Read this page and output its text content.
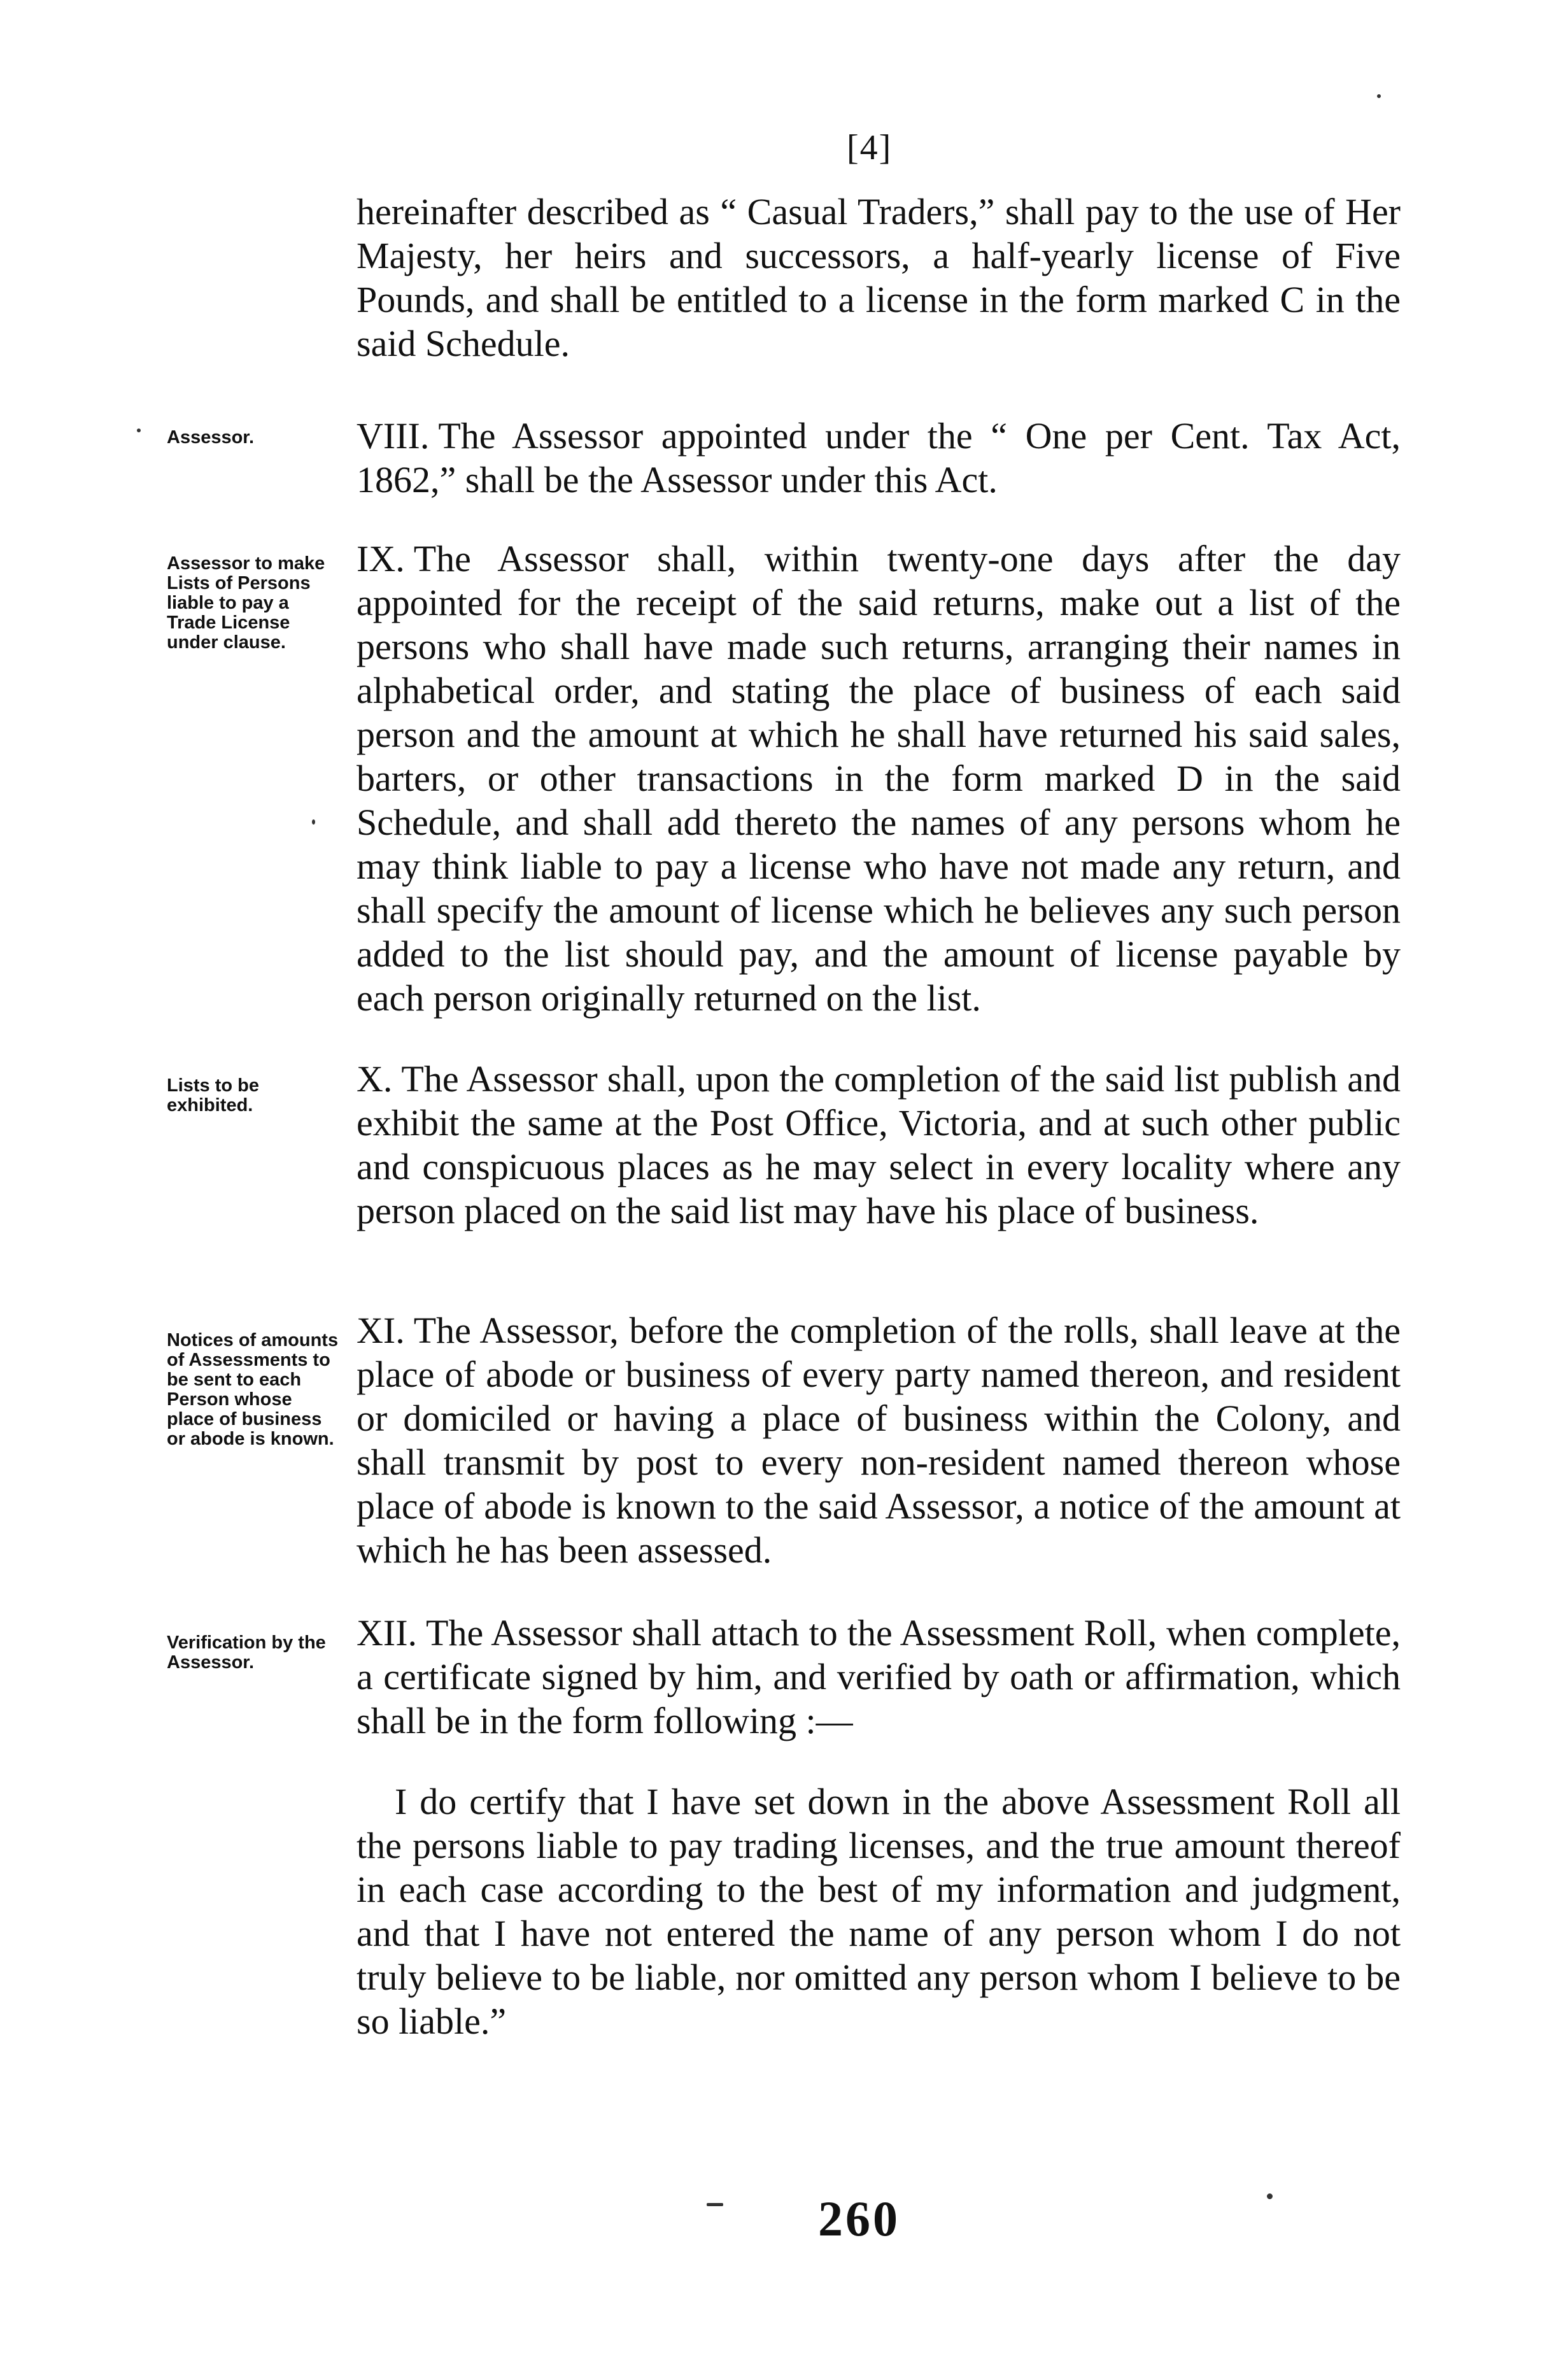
[4]

hereinafter described as “ Casual Traders,” shall pay to the use of Her Majesty, her heirs and successors, a half-yearly license of Five Pounds, and shall be entitled to a license in the form marked C in the said Schedule.

Assessor.	VIII. The Assessor appointed under the “ One per Cent. Tax Act, 1862,” shall be the Assessor under this Act.

Assessor to make Lists of Persons liable to pay a Trade License under clause.

IX. The Assessor shall, within twenty-one days after the day appointed for the receipt of the said returns, make out a list of the persons who shall have made such returns, arranging their names in alphabetical order, and stating the place of business of each said person and the amount at which he shall have returned his said sales, barters, or other transactions in the form marked D in the said Schedule, and shall add thereto the names of any persons whom he may think liable to pay a license who have not made any return, and shall specify the amount of license which he believes any such person added to the list should pay, and the amount of license payable by each person originally returned on the list.

Lists to be exhibited.

X. The Assessor shall, upon the completion of the said list publish and exhibit the same at the Post Office, Victoria, and at such other public and conspicuous places as he may select in every locality where any person placed on the said list may have his place of business.

Notices of amounts of Assessments to be sent to each Person whose place of business or abode is known.

XI. The Assessor, before the completion of the rolls, shall leave at the place of abode or business of every party named thereon, and resident or domiciled or having a place of business within the Colony, and shall transmit by post to every non-resident named thereon whose place of abode is known to the said Assessor, a notice of the amount at which he has been assessed.

Verification by the Assessor.

XII. The Assessor shall attach to the Assessment Roll, when complete, a certificate signed by him, and verified by oath or affirmation, which shall be in the form following :—

I do certify that I have set down in the above Assessment Roll all the persons liable to pay trading licenses, and the true amount thereof in each case according to the best of my information and judgment, and that I have not entered the name of any person whom I do not truly believe to be liable, nor omitted any person whom I believe to be so liable.”

260
